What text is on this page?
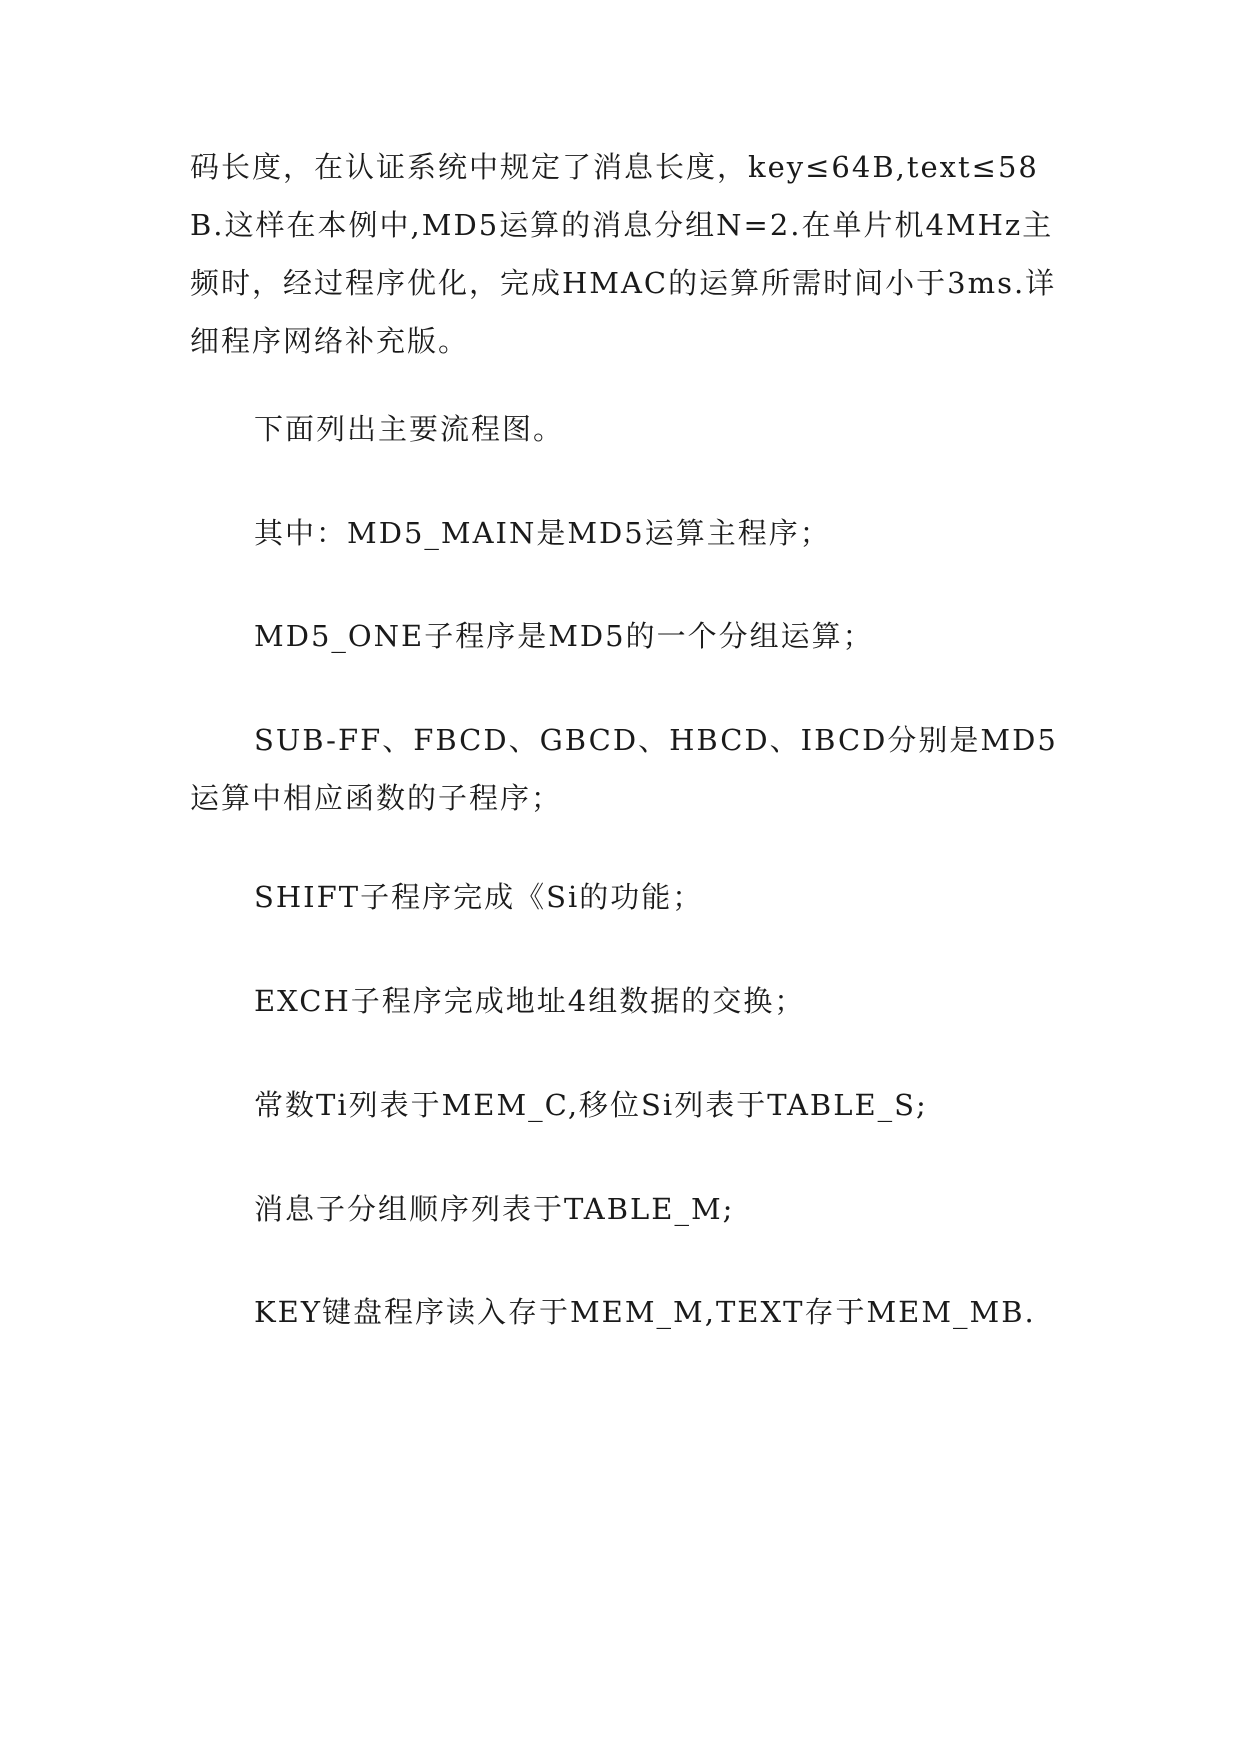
码长度，在认证系统中规定了消息长度，key≤64B,text≤58B.这样在本例中,MD5运算的消息分组N=2.在单片机4MHz主频时，经过程序优化，完成HMAC的运算所需时间小于3ms.详细程序网络补充版。

下面列出主要流程图。

其中：MD5_MAIN是MD5运算主程序；

MD5_ONE子程序是MD5的一个分组运算；

SUB-FF、FBCD、GBCD、HBCD、IBCD分别是MD5运算中相应函数的子程序；

SHIFT子程序完成《Si的功能；

EXCH子程序完成地址4组数据的交换；

常数Ti列表于MEM_C,移位Si列表于TABLE_S;

消息子分组顺序列表于TABLE_M;

KEY键盘程序读入存于MEM_M,TEXT存于MEM_MB.
